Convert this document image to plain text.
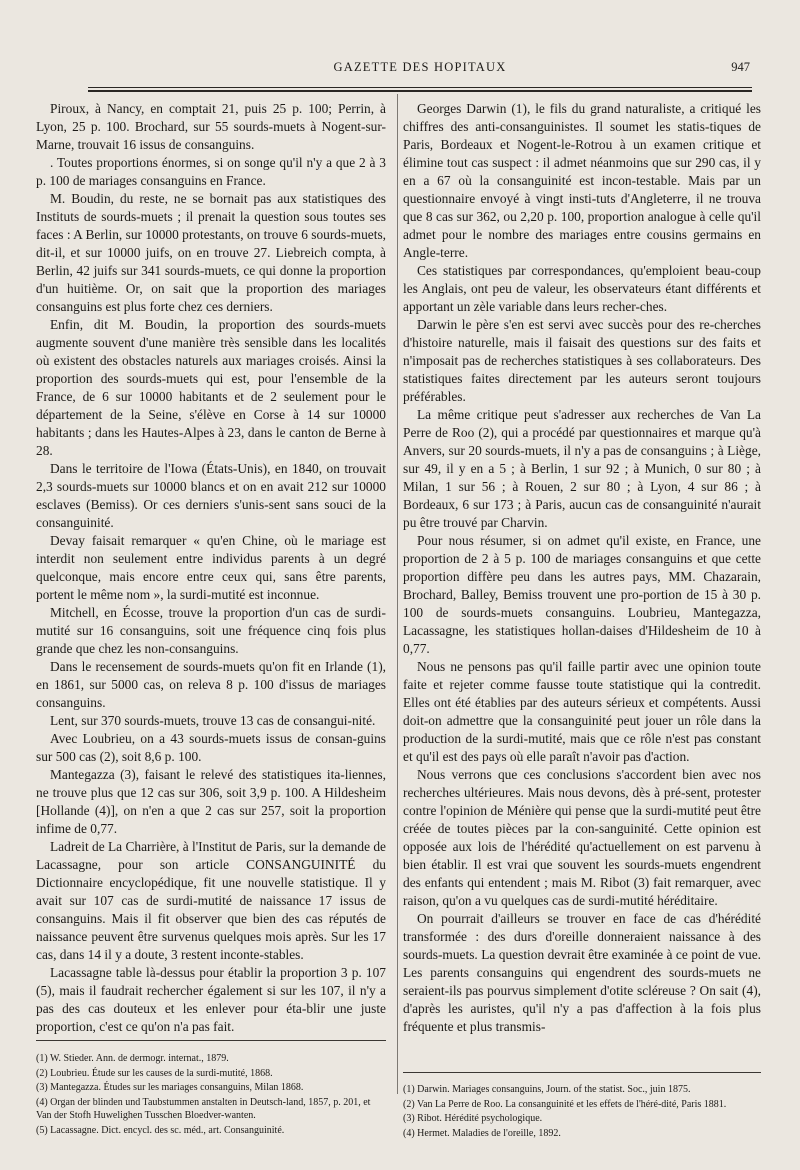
GAZETTE DES HOPITAUX	947

Piroux, à Nancy, en comptait 21, puis 25 p. 100; Perrin, à Lyon, 25 p. 100. Brochard, sur 55 sourds-muets à Nogent-sur-Marne, trouvait 16 issus de consanguins.

. Toutes proportions énormes, si on songe qu'il n'y a que 2 à 3 p. 100 de mariages consanguins en France.

M. Boudin, du reste, ne se bornait pas aux statistiques des Instituts de sourds-muets ; il prenait la question sous toutes ses faces : A Berlin, sur 10000 protestants, on trouve 6 sourds-muets, dit-il, et sur 10000 juifs, on en trouve 27. Liebreich compta, à Berlin, 42 juifs sur 341 sourds-muets, ce qui donne la proportion d'un huitième. Or, on sait que la proportion des mariages consanguins est plus forte chez ces derniers.

Enfin, dit M. Boudin, la proportion des sourds-muets augmente souvent d'une manière très sensible dans les localités où existent des obstacles naturels aux mariages croisés. Ainsi la proportion des sourds-muets qui est, pour l'ensemble de la France, de 6 sur 10000 habitants et de 2 seulement pour le département de la Seine, s'élève en Corse à 14 sur 10000 habitants ; dans les Hautes-Alpes à 23, dans le canton de Berne à 28.

Dans le territoire de l'Iowa (États-Unis), en 1840, on trouvait 2,3 sourds-muets sur 10000 blancs et on en avait 212 sur 10000 esclaves (Bemiss). Or ces derniers s'unis-sent sans souci de la consanguinité.

Devay faisait remarquer « qu'en Chine, où le mariage est interdit non seulement entre individus parents à un degré quelconque, mais encore entre ceux qui, sans être parents, portent le même nom », la surdi-mutité est inconnue.

Mitchell, en Écosse, trouve la proportion d'un cas de surdi-mutité sur 16 consanguins, soit une fréquence cinq fois plus grande que chez les non-consanguins.

Dans le recensement de sourds-muets qu'on fit en Irlande (1), en 1861, sur 5000 cas, on releva 8 p. 100 d'issus de mariages consanguins.

Lent, sur 370 sourds-muets, trouve 13 cas de consangui-nité.

Avec Loubrieu, on a 43 sourds-muets issus de consan-guins sur 500 cas (2), soit 8,6 p. 100.

Mantegazza (3), faisant le relevé des statistiques ita-liennes, ne trouve plus que 12 cas sur 306, soit 3,9 p. 100. A Hildesheim [Hollande (4)], on n'en a que 2 cas sur 257, soit la proportion infime de 0,77.

Ladreit de La Charrière, à l'Institut de Paris, sur la demande de Lacassagne, pour son article CONSANGUINITÉ du Dictionnaire encyclopédique, fit une nouvelle statistique. Il y avait sur 107 cas de surdi-mutité de naissance 17 issus de consanguins. Mais il fit observer que bien des cas réputés de naissance peuvent être survenus quelques mois après. Sur les 17 cas, dans 14 il y a doute, 3 restent inconte-stables.

Lacassagne table là-dessus pour établir la proportion 3 p. 107 (5), mais il faudrait rechercher également si sur les 107, il n'y a pas des cas douteux et les enlever pour éta-blir une juste proportion, c'est ce qu'on n'a pas fait.

Georges Darwin (1), le fils du grand naturaliste, a critiqué les chiffres des anti-consanguinistes. Il soumet les statis-tiques de Paris, Bordeaux et Nogent-le-Rotrou à un examen critique et élimine tout cas suspect : il admet néanmoins que sur 290 cas, il y en a 67 où la consanguinité est incon-testable. Mais par un questionnaire envoyé à vingt insti-tuts d'Angleterre, il ne trouva que 8 cas sur 362, ou 2,20 p. 100, proportion analogue à celle qu'il admet pour le nombre des mariages entre cousins germains en Angle-terre.

Ces statistiques par correspondances, qu'emploient beau-coup les Anglais, ont peu de valeur, les observateurs étant différents et apportant un zèle variable dans leurs recher-ches.

Darwin le père s'en est servi avec succès pour des re-cherches d'histoire naturelle, mais il faisait des questions sur des faits et n'imposait pas de recherches statistiques à ses collaborateurs. Des statistiques faites directement par les auteurs seront toujours préférables.

La même critique peut s'adresser aux recherches de Van La Perre de Roo (2), qui a procédé par questionnaires et marque qu'à Anvers, sur 20 sourds-muets, il n'y a pas de consanguins ; à Liège, sur 49, il y en a 5 ; à Berlin, 1 sur 92 ; à Munich, 0 sur 80 ; à Milan, 1 sur 56 ; à Rouen, 2 sur 80 ; à Lyon, 4 sur 86 ; à Bordeaux, 6 sur 173 ; à Paris, aucun cas de consanguinité n'aurait pu être trouvé par Charvin.

Pour nous résumer, si on admet qu'il existe, en France, une proportion de 2 à 5 p. 100 de mariages consanguins et que cette proportion diffère peu dans les autres pays, MM. Chazarain, Brochard, Balley, Bemiss trouvent une pro-portion de 15 à 30 p. 100 de sourds-muets consanguins. Loubrieu, Mantegazza, Lacassagne, les statistiques hollan-daises d'Hildesheim de 10 à 0,77.

Nous ne pensons pas qu'il faille partir avec une opinion toute faite et rejeter comme fausse toute statistique qui la contredit. Elles ont été établies par des auteurs sérieux et compétents. Aussi doit-on admettre que la consanguinité peut jouer un rôle dans la production de la surdi-mutité, mais que ce rôle n'est pas constant et qu'il est des pays où elle paraît n'avoir pas d'action.

Nous verrons que ces conclusions s'accordent bien avec nos recherches ultérieures. Mais nous devons, dès à pré-sent, protester contre l'opinion de Ménière qui pense que la surdi-mutité peut être créée de toutes pièces par la con-sanguinité. Cette opinion est opposée aux lois de l'hérédité qu'actuellement on est parvenu à bien établir. Il est vrai que souvent les sourds-muets engendrent des enfants qui entendent ; mais M. Ribot (3) fait remarquer, avec raison, qu'on a vu quelques cas de surdi-mutité héréditaire.

On pourrait d'ailleurs se trouver en face de cas d'hérédité transformée : des durs d'oreille donneraient naissance à des sourds-muets. La question devrait être examinée à ce point de vue. Les parents consanguins qui engendrent des sourds-muets ne seraient-ils pas pourvus simplement d'otite scléreuse ? On sait (4), d'après les auristes, qu'il n'y a pas d'affection à la fois plus fréquente et plus transmis-

(1) W. Stieder. Ann. de dermogr. internat., 1879.

(2) Loubrieu. Étude sur les causes de la surdi-mutité, 1868.

(3) Mantegazza. Études sur les mariages consanguins, Milan 1868.

(4) Organ der blinden und Taubstummen anstalten in Deutsch-land, 1857, p. 201, et Van der Stofh Huwelighen Tusschen Bloedver-wanten.

(5) Lacassagne. Dict. encycl. des sc. méd., art. Consanguinité.

(1) Darwin. Mariages consanguins, Journ. of the statist. Soc., juin 1875.

(2) Van La Perre de Roo. La consanguinité et les effets de l'héré-dité, Paris 1881.

(3) Ribot. Hérédité psychologique.

(4) Hermet. Maladies de l'oreille, 1892.
